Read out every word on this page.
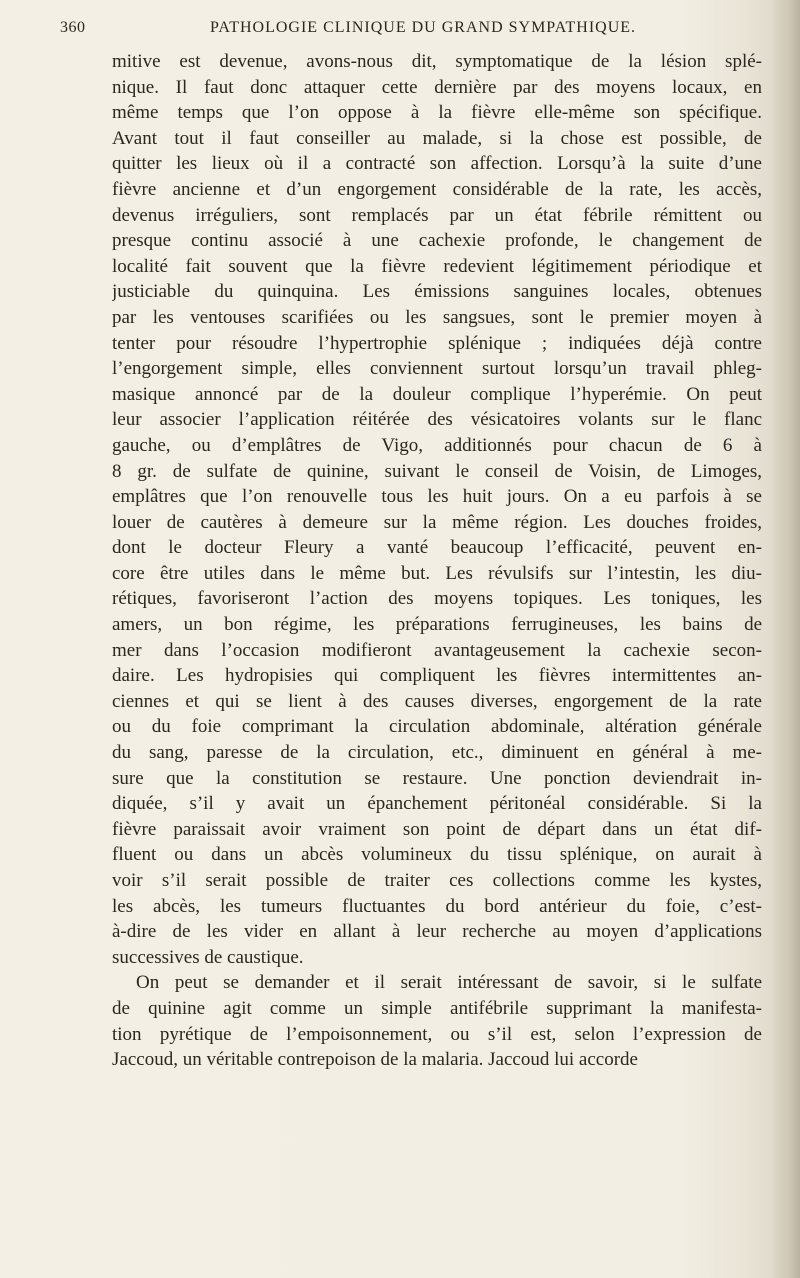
360	PATHOLOGIE CLINIQUE DU GRAND SYMPATHIQUE.
mitive est devenue, avons-nous dit, symptomatique de la lésion splé-
nique. Il faut donc attaquer cette dernière par des moyens locaux, en
même temps que l’on oppose à la fièvre elle-même son spécifique.
Avant tout il faut conseiller au malade, si la chose est possible, de
quitter les lieux où il a contracté son affection. Lorsqu’à la suite d’une
fièvre ancienne et d’un engorgement considérable de la rate, les accès,
devenus irréguliers, sont remplacés par un état fébrile rémittent ou
presque continu associé à une cachexie profonde, le changement de
localité fait souvent que la fièvre redevient légitimement périodique et
justiciable du quinquina. Les émissions sanguines locales, obtenues
par les ventouses scarifiées ou les sangsues, sont le premier moyen à
tenter pour résoudre l’hypertrophie splénique ; indiquées déjà contre
l’engorgement simple, elles conviennent surtout lorsqu’un travail phleg-
masique annoncé par de la douleur complique l’hyperémie. On peut
leur associer l’application réitérée des vésicatoires volants sur le flanc
gauche, ou d’emplâtres de Vigo, additionnés pour chacun de 6 à
8 gr. de sulfate de quinine, suivant le conseil de Voisin, de Limoges,
emplâtres que l’on renouvelle tous les huit jours. On a eu parfois à se
louer de cautères à demeure sur la même région. Les douches froides,
dont le docteur Fleury a vanté beaucoup l’efficacité, peuvent en-
core être utiles dans le même but. Les révulsifs sur l’intestin, les diu-
rétiques, favoriseront l’action des moyens topiques. Les toniques, les
amers, un bon régime, les préparations ferrugineuses, les bains de
mer dans l’occasion modifieront avantageusement la cachexie secon-
daire. Les hydropisies qui compliquent les fièvres intermittentes an-
ciennes et qui se lient à des causes diverses, engorgement de la rate
ou du foie comprimant la circulation abdominale, altération générale
du sang, paresse de la circulation, etc., diminuent en général à me-
sure que la constitution se restaure. Une ponction deviendrait in-
diquée, s’il y avait un épanchement péritonéal considérable. Si la
fièvre paraissait avoir vraiment son point de départ dans un état dif-
fluent ou dans un abcès volumineux du tissu splénique, on aurait à
voir s’il serait possible de traiter ces collections comme les kystes,
les abcès, les tumeurs fluctuantes du bord antérieur du foie, c’est-
à-dire de les vider en allant à leur recherche au moyen d’applications
successives de caustique.
On peut se demander et il serait intéressant de savoir, si le sulfate
de quinine agit comme un simple antifébrile supprimant la manifesta-
tion pyrétique de l’empoisonnement, ou s’il est, selon l’expression de
Jaccoud, un véritable contrepoison de la malaria. Jaccoud lui accorde
